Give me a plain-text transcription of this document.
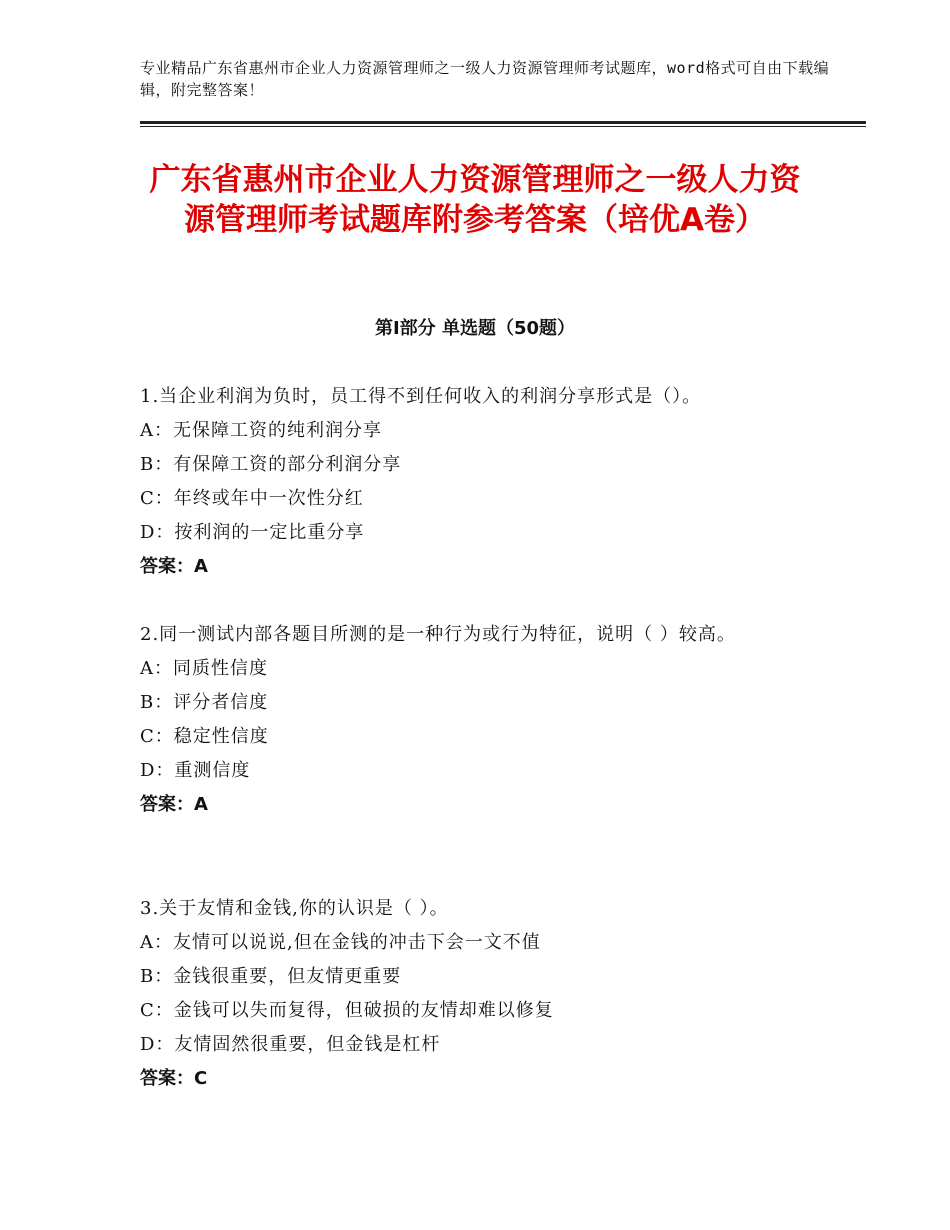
专业精品广东省惠州市企业人力资源管理师之一级人力资源管理师考试题库，word格式可自由下载编辑，附完整答案！
广东省惠州市企业人力资源管理师之一级人力资源管理师考试题库附参考答案（培优A卷）
第Ⅰ部分 单选题（50题）
1.当企业利润为负时，员工得不到任何收入的利润分享形式是（）。
A：无保障工资的纯利润分享
B：有保障工资的部分利润分享
C：年终或年中一次性分红
D：按利润的一定比重分享
答案：A
2.同一测试内部各题目所测的是一种行为或行为特征，说明（ ）较高。
A：同质性信度
B：评分者信度
C：稳定性信度
D：重测信度
答案：A
3.关于友情和金钱,你的认识是（ ）。
A：友情可以说说,但在金钱的冲击下会一文不值
B：金钱很重要，但友情更重要
C：金钱可以失而复得，但破损的友情却难以修复
D：友情固然很重要，但金钱是杠杆
答案：C
